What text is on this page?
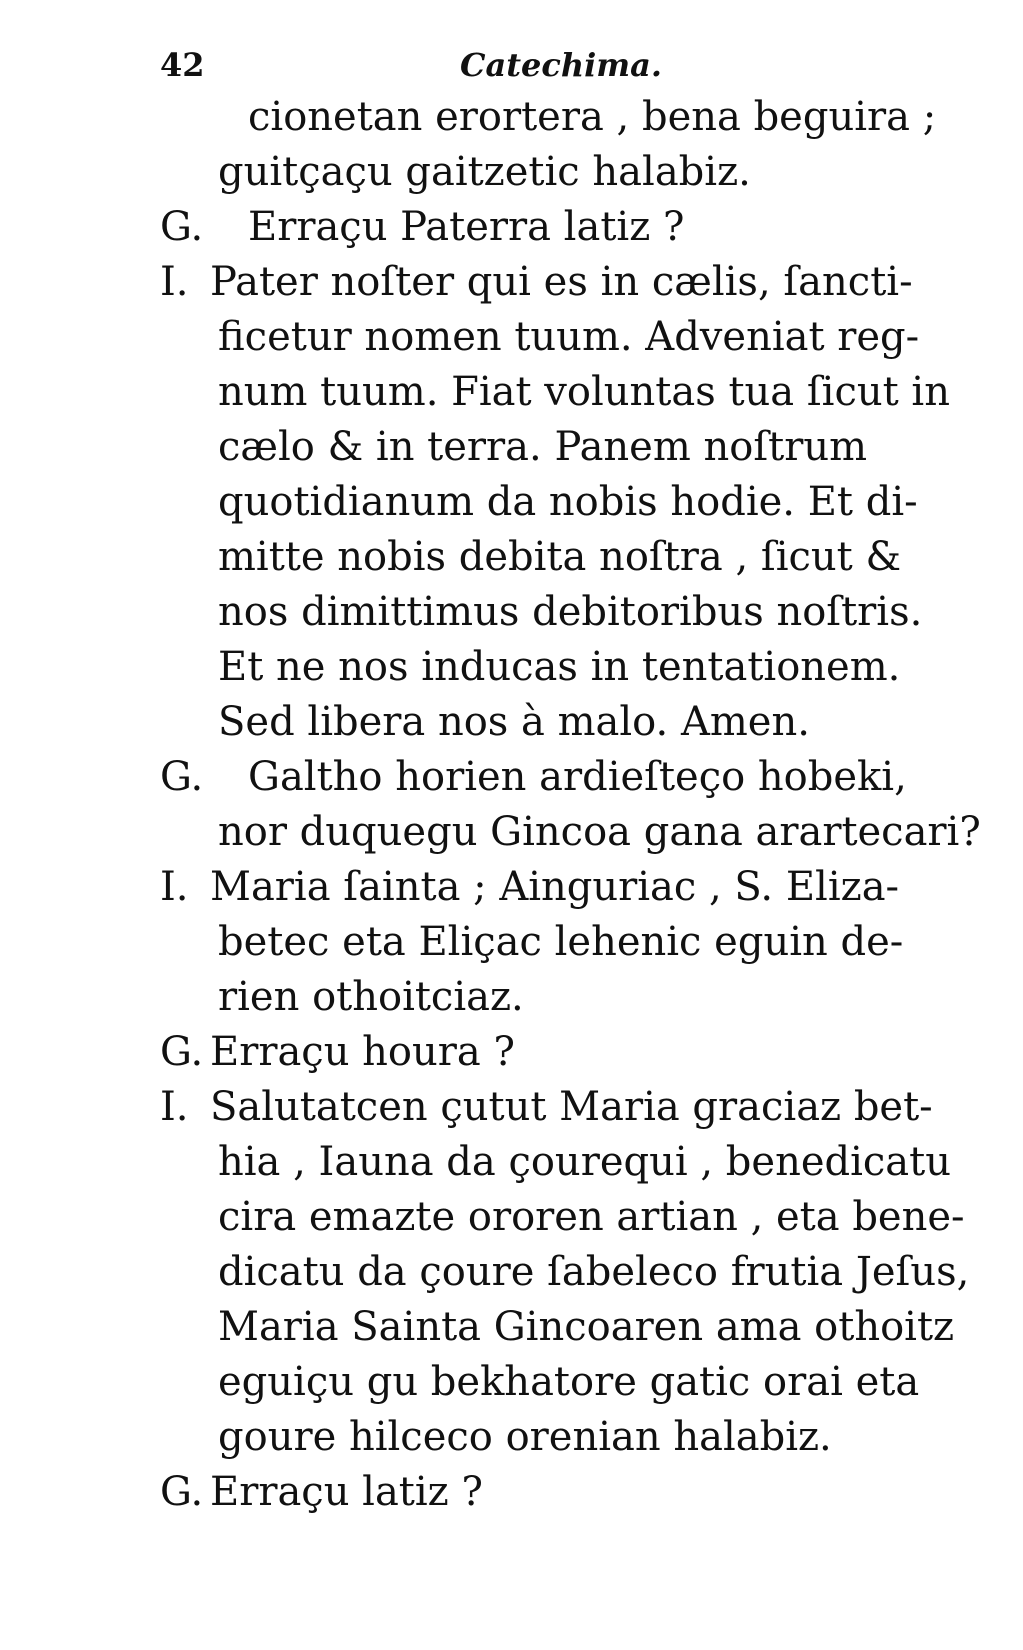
42	Catechima.
cionetan erortera , bena beguira ;
guitçaçu gaitzetic halabiz.
G.	Erraçu Paterra latiz ?
I. Pater noſter qui es in cælis, ſancti-
ficetur nomen tuum. Adveniat reg-
num tuum. Fiat voluntas tua ſicut in
cælo & in terra. Panem noſtrum
quotidianum da nobis hodie. Et di-
mitte nobis debita noſtra , ſicut &
nos dimittimus debitoribus noſtris.
Et ne nos inducas in tentationem.
Sed libera nos à malo. Amen.
G.	Galtho horien ardieſteço hobeki,
nor duquegu Gincoa gana arartecari?
I. Maria ſainta ; Ainguriac , S. Eliza-
betec eta Eliçac lehenic eguin de-
rien othoitciaz.
G. Erraçu houra ?
I. Salutatcen çutut Maria graciaz bet-
hia , Iauna da çourequi , benedicatu
cira emazte ororen artian , eta bene-
dicatu da çoure ſabeleco frutia Jeſus,
Maria Sainta Gincoaren ama othoitz
eguiçu gu bekhatore gatic orai eta
goure hilceco orenian halabiz.
G. Erraçu latiz ?
